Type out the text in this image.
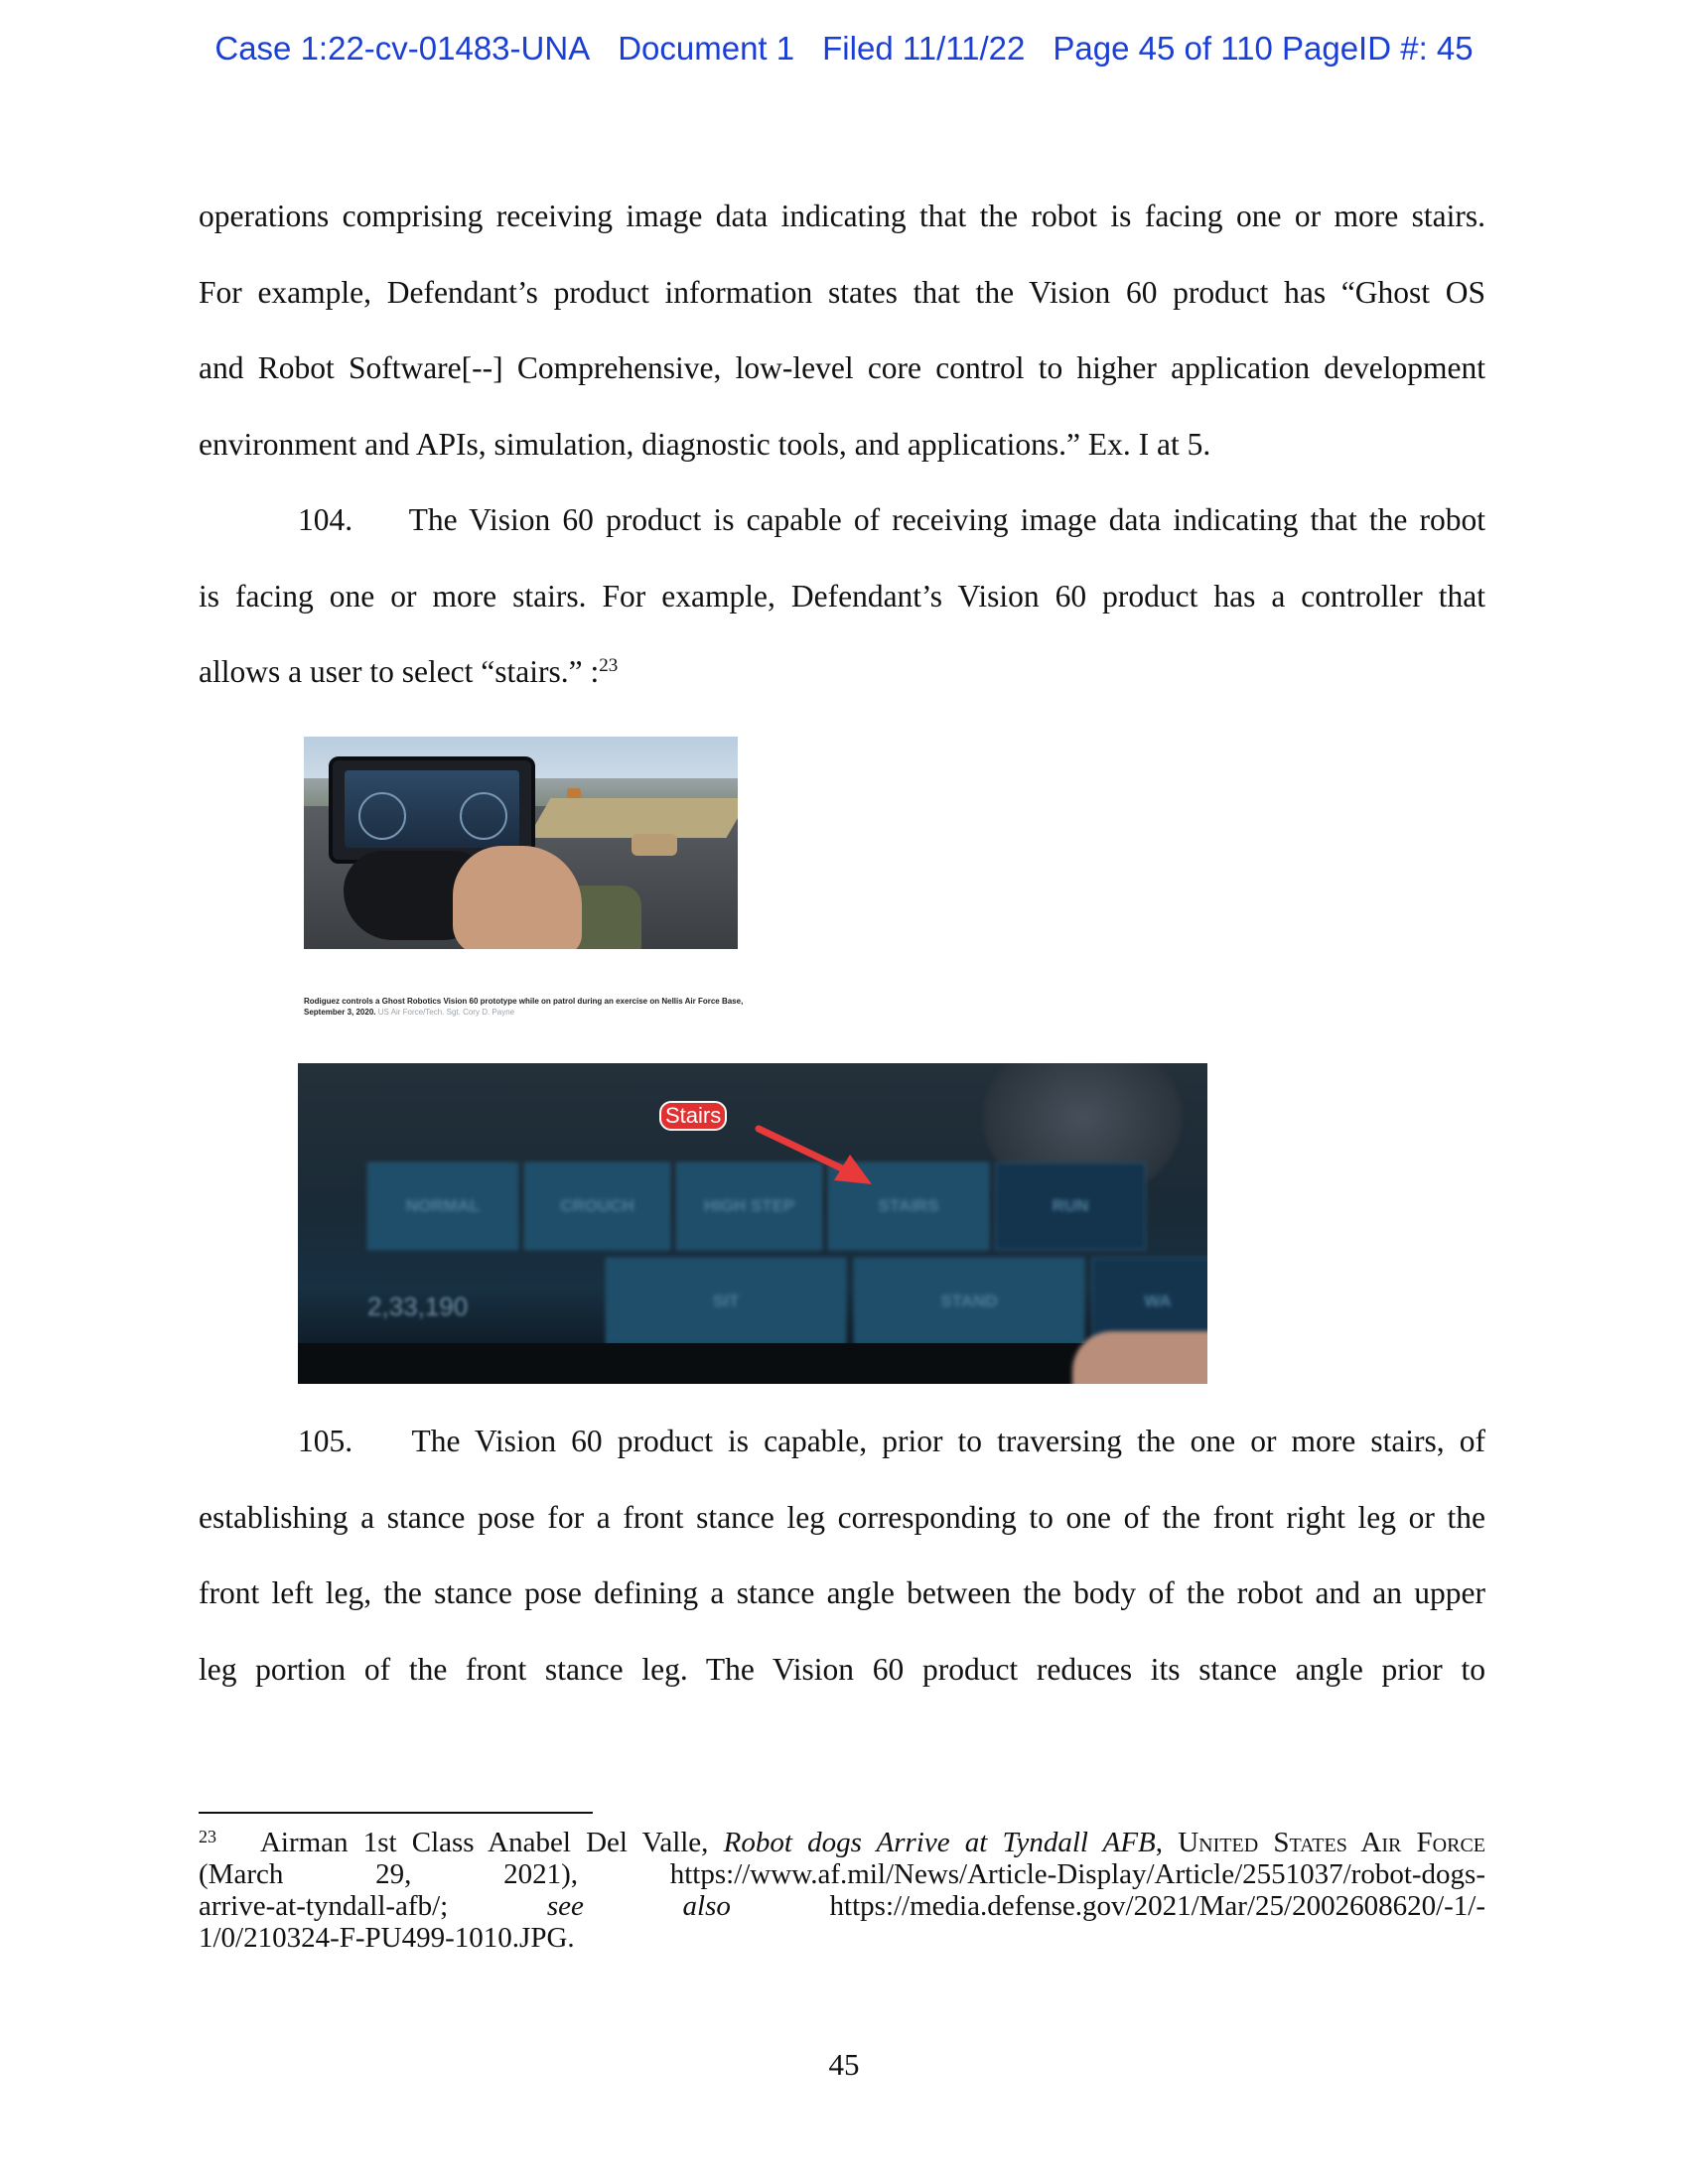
Case 1:22-cv-01483-UNA Document 1 Filed 11/11/22 Page 45 of 110 PageID #: 45
operations comprising receiving image data indicating that the robot is facing one or more stairs.
For example, Defendant’s product information states that the Vision 60 product has “Ghost OS
and Robot Software[--] Comprehensive, low-level core control to higher application development
environment and APIs, simulation, diagnostic tools, and applications.” Ex. I at 5.
104. The Vision 60 product is capable of receiving image data indicating that the robot
is facing one or more stairs. For example, Defendant’s Vision 60 product has a controller that
allows a user to select “stairs.” :$^{23}$
Rodiguez controls a Ghost Robotics Vision 60 prototype while on patrol during an exercise on Nellis Air Force Base, September 3, 2020. US Air Force/Tech. Sgt. Cory D. Payne
NORMAL	CROUCH	HIGH STEP	STAIRS	RUN
SIT	STAND	WA
2,33,190
Stairs
105. The Vision 60 product is capable, prior to traversing the one or more stairs, of
establishing a stance pose for a front stance leg corresponding to one of the front right leg or the
front left leg, the stance pose defining a stance angle between the body of the robot and an upper
leg portion of the front stance leg. The Vision 60 product reduces its stance angle prior to
$^{23}$ Airman 1st Class Anabel Del Valle, Robot dogs Arrive at Tyndall AFB, United States Air Force
(March 29, 2021), https://www.af.mil/News/Article-Display/Article/2551037/robot-dogs-
arrive-at-tyndall-afb/;	see	also	https://media.defense.gov/2021/Mar/25/2002608620/-1/-
1/0/210324-F-PU499-1010.JPG.
45
